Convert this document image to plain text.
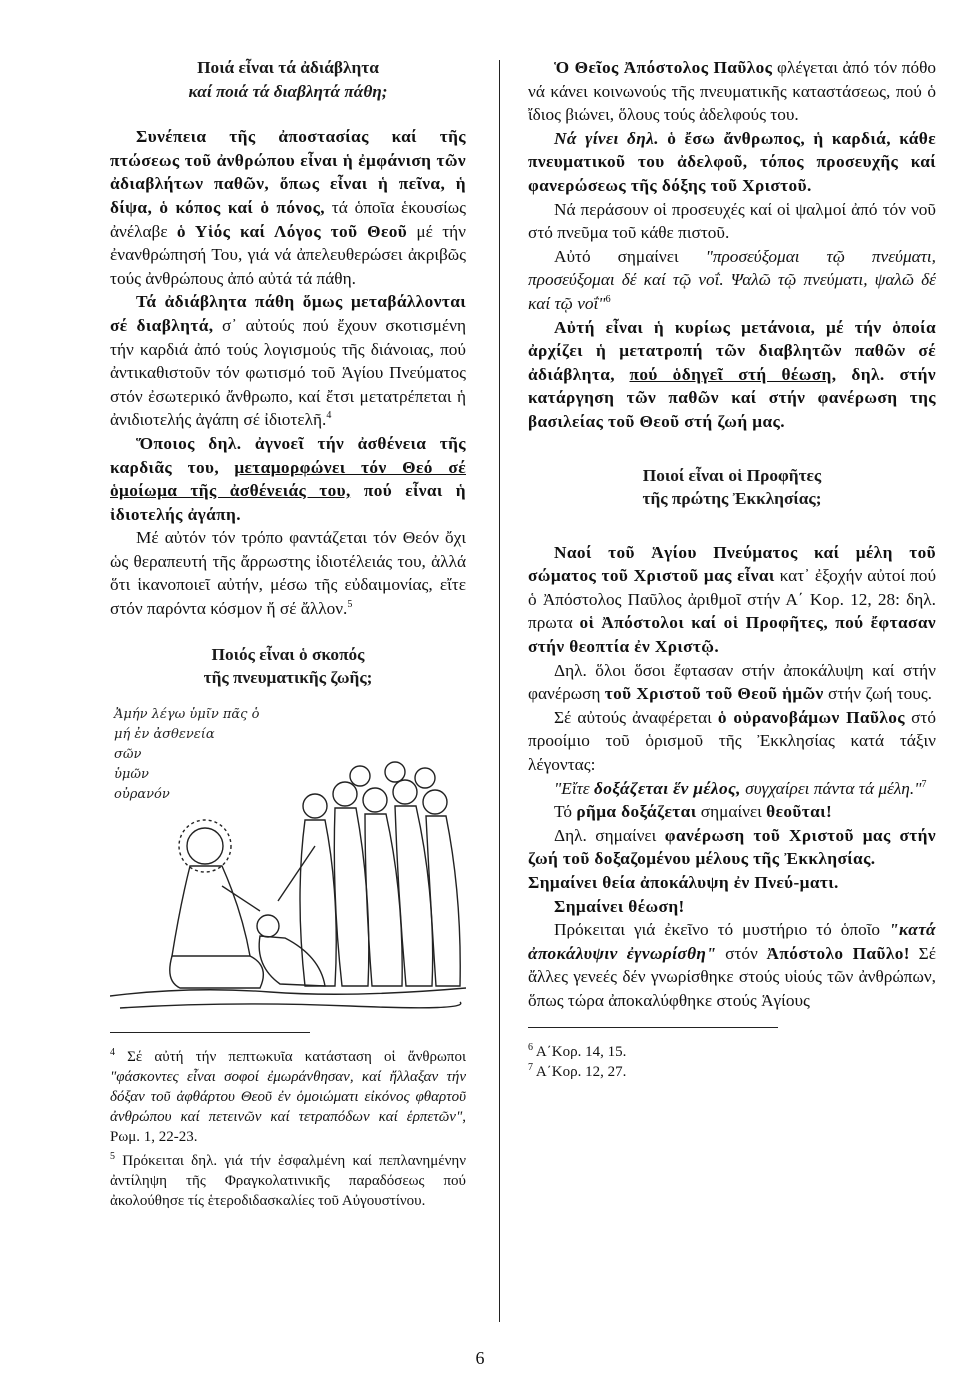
Ποιά εἶναι τά ἀδιάβλητα
καί ποιά τά διαβλητά πάθη;

Συνέπεια τῆς ἀποστασίας καί τῆς πτώσεως τοῦ ἀνθρώπου εἶναι ἡ ἐμφάνιση τῶν ἀδιαβλήτων παθῶν, ὅπως εἶναι ἡ πεῖνα, ἡ δίψα, ὁ κόπος καί ὁ πόνος, τά ὁποῖα ἑκουσίως ἀνέλαβε ὁ Υἱός καί Λόγος τοῦ Θεοῦ μέ τήν ἐνανθρώπησή Του, γιά νά ἀπελευθερώσει ἀκριβῶς τούς ἀνθρώπους ἀπό αὐτά τά πάθη.

Τά ἀδιάβλητα πάθη ὅμως μεταβάλλονται σέ διαβλητά, σ᾽ αὐτούς πού ἔχουν σκοτισμένη τήν καρδιά ἀπό τούς λογισμούς τῆς διάνοιας, πού ἀντικαθιστοῦν τόν φωτισμό τοῦ Ἁγίου Πνεύματος στόν ἐσωτερικό ἄνθρωπο, καί ἔτσι μετατρέπεται ἡ ἀνιδιοτελής ἀγάπη σέ ἰδιοτελῆ.$^4$

Ὅποιος δηλ. ἀγνοεῖ τήν ἀσθένεια τῆς καρδιᾶς του, μεταμορφώνει τόν Θεό σέ ὁμοίωμα τῆς ἀσθένειάς του, πού εἶναι ἡ ἰδιοτελής ἀγάπη.

Μέ αὐτόν τόν τρόπο φαντάζεται τόν Θεόν ὄχι ὡς θεραπευτή τῆς ἄρρωστης ἰδιοτέλειάς του, ἀλλά ὅτι ἱκανοποιεῖ αὐτήν, μέσω τῆς εὐδαιμονίας, εἴτε στόν παρόντα κόσμον ἤ σέ ἄλλον.$^5$

Ποιός εἶναι ὁ σκοπός
τῆς πνευματικῆς ζωῆς;
Ἀμήν λέγω ὑμῖν πᾶς ὁ
μή ἐν ἀσθενεία
σῶν
ὑμῶν
οὐρανόν

$^4$ Σέ αὐτή τήν πεπτωκυῖα κατάσταση οἱ ἄνθρωποι "φάσκοντες εἶναι σοφοί ἐμωράνθησαν, καί ἤλλαξαν τήν δόξαν τοῦ ἀφθάρτου Θεοῦ ἐν ὁμοιώματι εἰκόνος φθαρτοῦ ἀνθρώπου καί πετεινῶν καί τετραπόδων καί ἑρπετῶν", Ρωμ. 1, 22-23.

$^5$ Πρόκειται δηλ. γιά τήν ἐσφαλμένη καί πεπλανημένην ἀντίληψη τῆς Φραγκολατινικῆς παραδόσεως πού ἀκολούθησε τίς ἑτεροδιδασκαλίες τοῦ Αὐγουστίνου.

Ὁ Θεῖος Ἀπόστολος Παῦλος φλέγεται ἀπό τόν πόθο νά κάνει κοινωνούς τῆς πνευματικῆς καταστάσεως, πού ὁ ἴδιος βιώνει, ὅλους τούς ἀδελφούς του.

Νά γίνει δηλ. ὁ ἔσω ἄνθρωπος, ἡ καρδιά, κάθε πνευματικοῦ του ἀδελφοῦ, τόπος προσευχῆς καί φανερώσεως τῆς δόξης τοῦ Χριστοῦ.

Νά περάσουν οἱ προσευχές καί οἱ ψαλμοί ἀπό τόν νοῦ στό πνεῦμα τοῦ κάθε πιστοῦ.

Αὐτό σημαίνει "προσεύξομαι τῷ πνεύματι, προσεύξομαι δέ καί τῷ νοΐ. Ψαλῶ τῷ πνεύματι, ψαλῶ δέ καί τῷ νοΐ"$^6$

Αὐτή εἶναι ἡ κυρίως μετάνοια, μέ τήν ὁποία ἀρχίζει ἡ μετατροπή τῶν διαβλητῶν παθῶν σέ ἀδιάβλητα, πού ὁδηγεῖ στή θέωση, δηλ. στήν κατάργηση τῶν παθῶν καί στήν φανέρωση της βασιλείας τοῦ Θεοῦ στή ζωή μας.

Ποιοί εἶναι οἱ Προφῆτες
τῆς πρώτης Ἐκκλησίας;

Ναοί τοῦ Ἁγίου Πνεύματος καί μέλη τοῦ σώματος τοῦ Χριστοῦ μας εἶναι κατ᾽ ἐξοχήν αὐτοί πού ὁ Ἀπόστολος Παῦλος ἀριθμοῖ στήν Α΄ Κορ. 12, 28: δηλ. πρωτα οἱ Ἀπόστολοι καί οἱ Προφῆτες, πού ἔφτασαν στήν θεοπτία ἐν Χριστῷ.

Δηλ. ὅλοι ὅσοι ἔφτασαν στήν ἀποκάλυψη καί στήν φανέρωση τοῦ Χριστοῦ τοῦ Θεοῦ ἡμῶν στήν ζωή τους.

Σέ αὐτούς ἀναφέρεται ὁ οὐρανοβάμων Παῦλος στό προοίμιο τοῦ ὁρισμοῦ τῆς Ἐκκλησίας κατά τάξιν λέγοντας:

"Εἴτε δοξάζεται ἕν μέλος, συγχαίρει πάντα τά μέλη."$^7$

Τό ρῆμα δοξάζεται σημαίνει θεοῦται!

Δηλ. σημαίνει φανέρωση τοῦ Χριστοῦ μας στήν ζωή τοῦ δοξαζομένου μέλους τῆς Ἐκκλησίας.

Σημαίνει θεία ἀποκάλυψη ἐν Πνεύ-ματι.

Σημαίνει θέωση!

Πρόκειται γιά ἐκεῖνο τό μυστήριο τό ὁποῖο "κατά ἀποκάλυψιν ἐγνωρίσθη" στόν Ἀπόστολο Παῦλο! Σέ ἄλλες γενεές δέν γνωρίσθηκε στούς υἱούς τῶν ἀνθρώπων, ὅπως τώρα ἀποκαλύφθηκε στούς Ἁγίους

$^6$ Α΄Κορ. 14, 15.

$^7$ Α΄Κορ. 12, 27.

6
